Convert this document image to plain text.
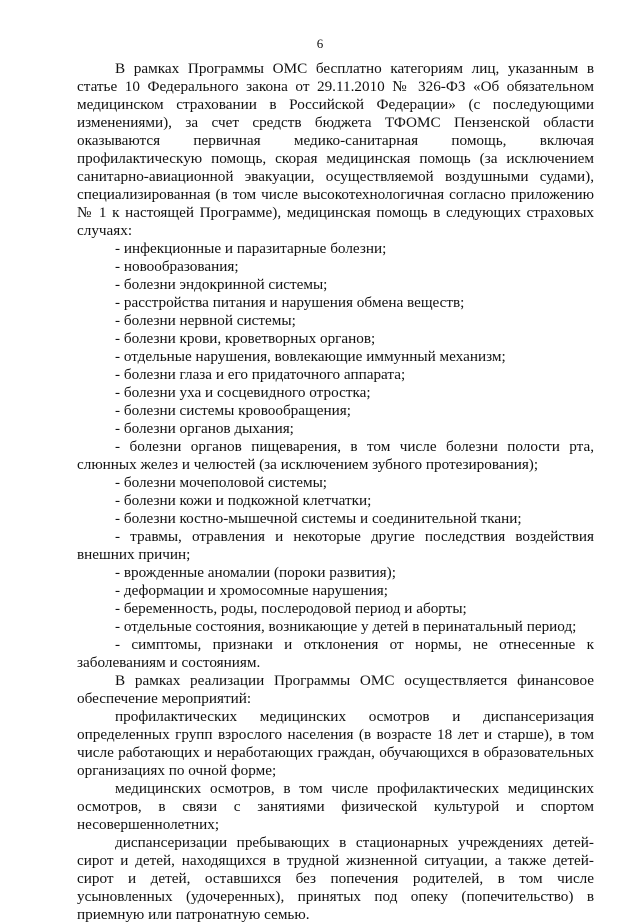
6

В рамках Программы ОМС бесплатно категориям лиц, указанным в статье 10 Федерального закона от 29.11.2010 № 326-ФЗ «Об обязательном медицинском страховании в Российской Федерации» (с последующими изменениями), за счет средств бюджета ТФОМС Пензенской области оказываются первичная медико-санитарная помощь, включая профилактическую помощь, скорая медицинская помощь (за исключением санитарно-авиационной эвакуации, осуществляемой воздушными судами), специализированная (в том числе высокотехнологичная согласно приложению № 1 к настоящей Программе), медицинская помощь в следующих страховых случаях:

- инфекционные и паразитарные болезни;

- новообразования;

- болезни эндокринной системы;

- расстройства питания и нарушения обмена веществ;

- болезни нервной системы;

- болезни крови, кроветворных органов;

- отдельные нарушения, вовлекающие иммунный механизм;

- болезни глаза и его придаточного аппарата;

- болезни уха и сосцевидного отростка;

- болезни системы кровообращения;

- болезни органов дыхания;

- болезни органов пищеварения, в том числе болезни полости рта, слюнных желез и челюстей (за исключением зубного протезирования);

- болезни мочеполовой системы;

- болезни кожи и подкожной клетчатки;

- болезни костно-мышечной системы и соединительной ткани;

- травмы, отравления и некоторые другие последствия воздействия внешних причин;

- врожденные аномалии (пороки развития);

- деформации и хромосомные нарушения;

- беременность, роды, послеродовой период и аборты;

- отдельные состояния, возникающие у детей в перинатальный период;

- симптомы, признаки и отклонения от нормы, не отнесенные к заболеваниям и состояниям.

В рамках реализации Программы ОМС осуществляется финансовое обеспечение мероприятий:

профилактических медицинских осмотров и диспансеризация определенных групп взрослого населения (в возрасте 18 лет и старше), в том числе работающих и неработающих граждан, обучающихся в образовательных организациях по очной форме;

медицинских осмотров, в том числе профилактических медицинских осмотров, в связи с занятиями физической культурой и спортом несовершеннолетних;

диспансеризации пребывающих в стационарных учреждениях детей-сирот и детей, находящихся в трудной жизненной ситуации, а также детей-сирот и детей, оставшихся без попечения родителей, в том числе усыновленных (удочеренных), принятых под опеку (попечительство) в приемную или патронатную семью.
